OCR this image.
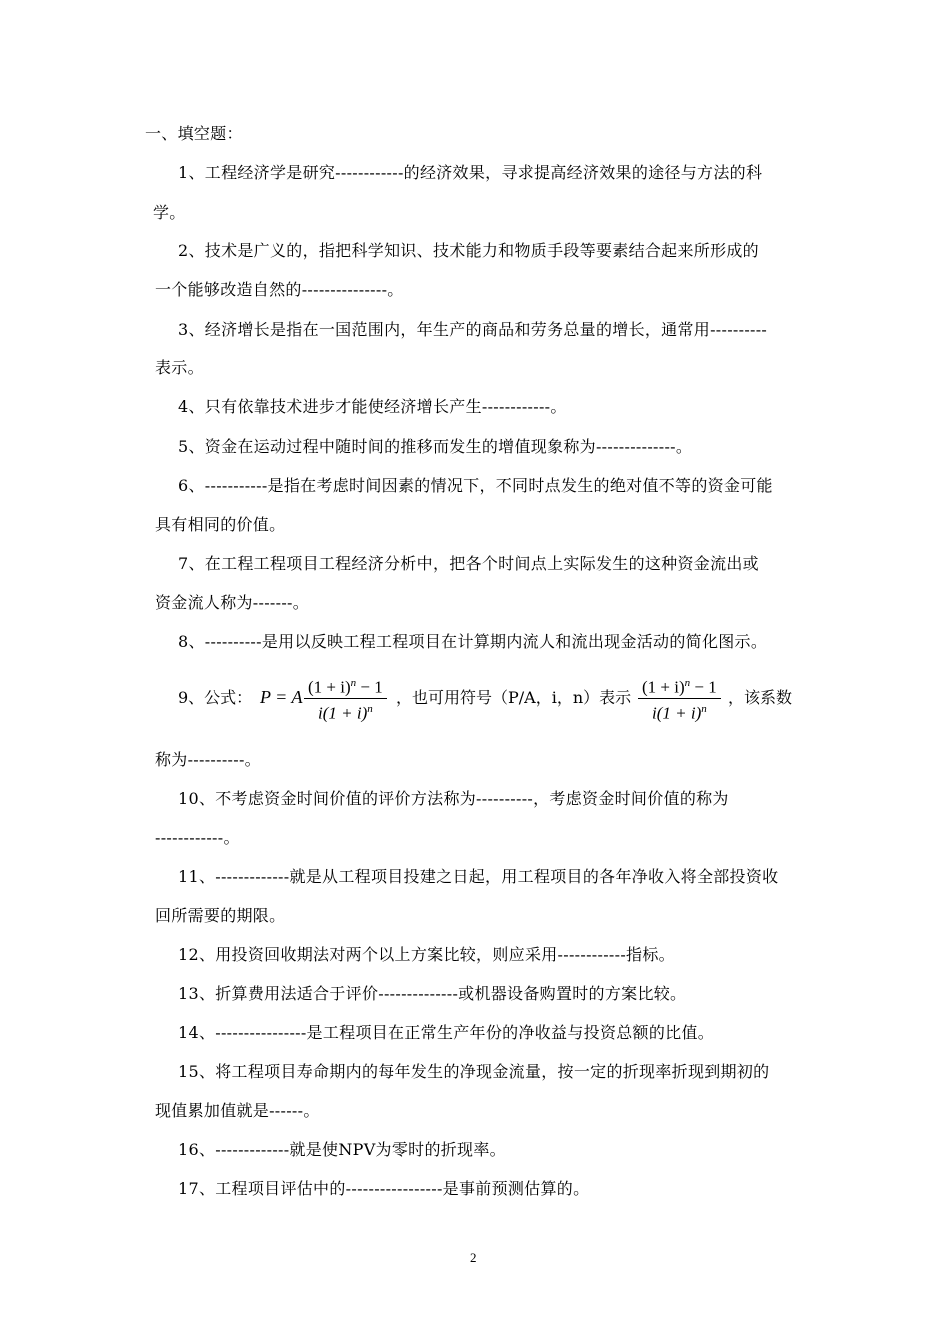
一、填空题：
1、工程经济学是研究------------的经济效果，寻求提高经济效果的途径与方法的科
学。
2、技术是广义的，指把科学知识、技术能力和物质手段等要素结合起来所形成的
一个能够改造自然的---------------。
3、经济增长是指在一国范围内，年生产的商品和劳务总量的增长，通常用----------
表示。
4、只有依靠技术进步才能使经济增长产生------------。
5、资金在运动过程中随时间的推移而发生的增值现象称为--------------。
6、-----------是指在考虑时间因素的情况下，不同时点发生的绝对值不等的资金可能
具有相同的价值。
7、在工程工程项目工程经济分析中，把各个时间点上实际发生的这种资金流出或
资金流人称为-------。
8、----------是用以反映工程工程项目在计算期内流人和流出现金活动的简化图示。
称为----------。
10、不考虑资金时间价值的评价方法称为----------，考虑资金时间价值的称为
------------。
11、-------------就是从工程项目投建之日起，用工程项目的各年净收入将全部投资收
回所需要的期限。
12、用投资回收期法对两个以上方案比较，则应采用------------指标。
13、折算费用法适合于评价--------------或机器设备购置时的方案比较。
14、----------------是工程项目在正常生产年份的净收益与投资总额的比值。
15、将工程项目寿命期内的每年发生的净现金流量，按一定的折现率折现到期初的
现值累加值就是------。
16、-------------就是使NPV为零时的折现率。
17、工程项目评估中的-----------------是事前预测估算的。
9、公式： P = A $\frac{(1 + i)^n - 1}{i(1 + i)^n}$ ，也可用符号（P/A，i，n）表示 $\frac{(1 + i)^n - 1}{i(1 + i)^n}$ ，该系数
2
